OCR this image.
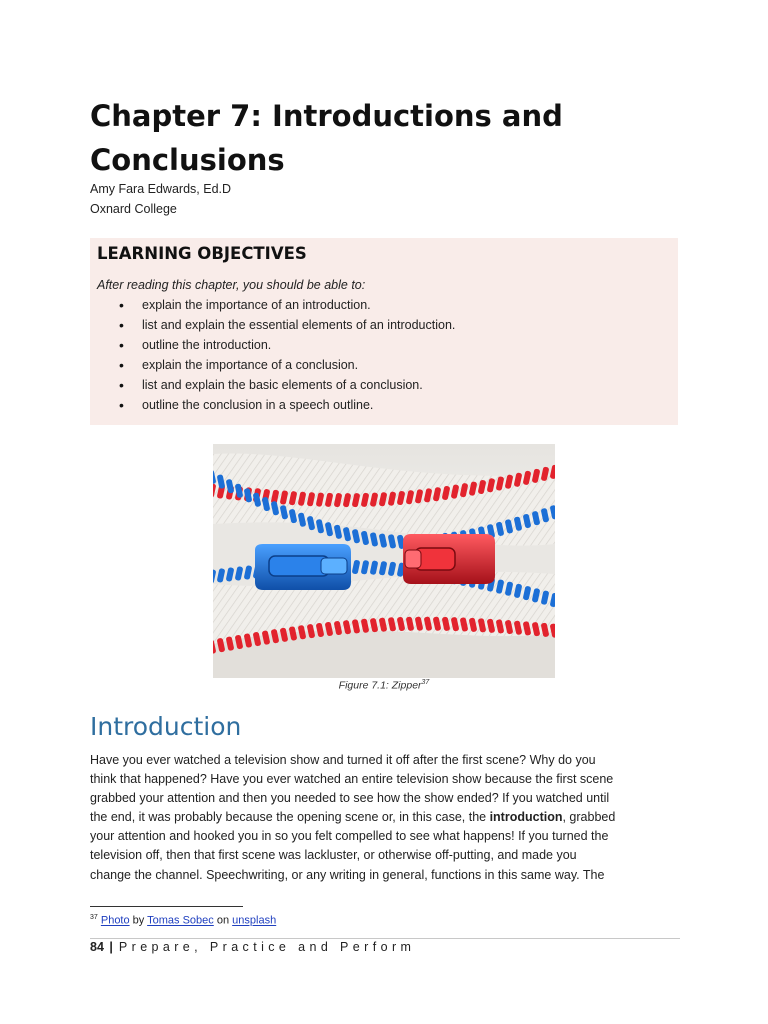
Chapter 7: Introductions and Conclusions
Amy Fara Edwards, Ed.D
Oxnard College
LEARNING OBJECTIVES
After reading this chapter, you should be able to:
• explain the importance of an introduction.
• list and explain the essential elements of an introduction.
• outline the introduction.
• explain the importance of a conclusion.
• list and explain the basic elements of a conclusion.
• outline the conclusion in a speech outline.
Figure 7.1: Zipper$^{37}$
Introduction
Have you ever watched a television show and turned it off after the first scene? Why do you
think that happened? Have you ever watched an entire television show because the first scene
grabbed your attention and then you needed to see how the show ended? If you watched until
the end, it was probably because the opening scene or, in this case, the introduction, grabbed
your attention and hooked you in so you felt compelled to see what happens! If you turned the
television off, then that first scene was lackluster, or otherwise off-putting, and made you
change the channel. Speechwriting, or any writing in general, functions in this same way. The
$^{37}$ Photo by Tomas Sobec on unsplash
84 | Prepare, Practice and Perform
